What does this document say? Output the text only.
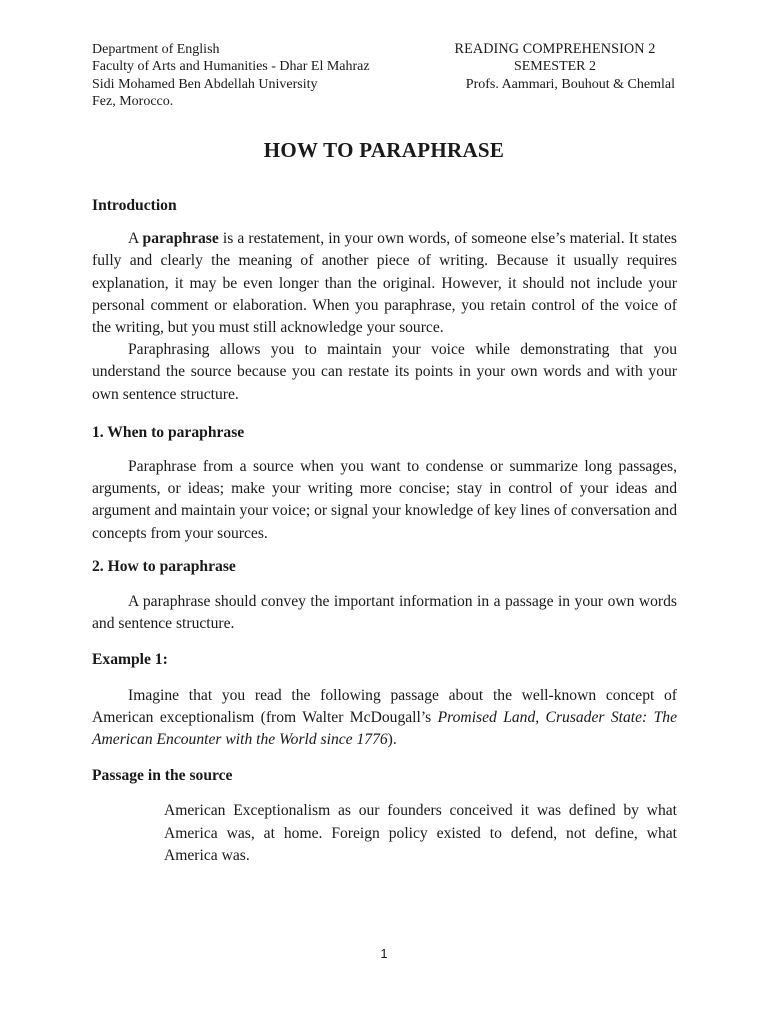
Department of English
Faculty of Arts and Humanities - Dhar El Mahraz
Sidi Mohamed Ben Abdellah University
Fez, Morocco.
READING COMPREHENSION 2
SEMESTER 2
Profs. Aammari, Bouhout & Chemlal
HOW TO PARAPHRASE

Introduction

A paraphrase is a restatement, in your own words, of someone else’s material. It states fully and clearly the meaning of another piece of writing. Because it usually requires explanation, it may be even longer than the original. However, it should not include your personal comment or elaboration. When you paraphrase, you retain control of the voice of the writing, but you must still acknowledge your source.

Paraphrasing allows you to maintain your voice while demonstrating that you understand the source because you can restate its points in your own words and with your own sentence structure.

1. When to paraphrase

Paraphrase from a source when you want to condense or summarize long passages, arguments, or ideas; make your writing more concise; stay in control of your ideas and argument and maintain your voice; or signal your knowledge of key lines of conversation and concepts from your sources.

2. How to paraphrase

A paraphrase should convey the important information in a passage in your own words and sentence structure.

Example 1:

Imagine that you read the following passage about the well-known concept of American exceptionalism (from Walter McDougall’s Promised Land, Crusader State: The American Encounter with the World since 1776).

Passage in the source

American Exceptionalism as our founders conceived it was defined by what America was, at home. Foreign policy existed to defend, not define, what America was.

1
